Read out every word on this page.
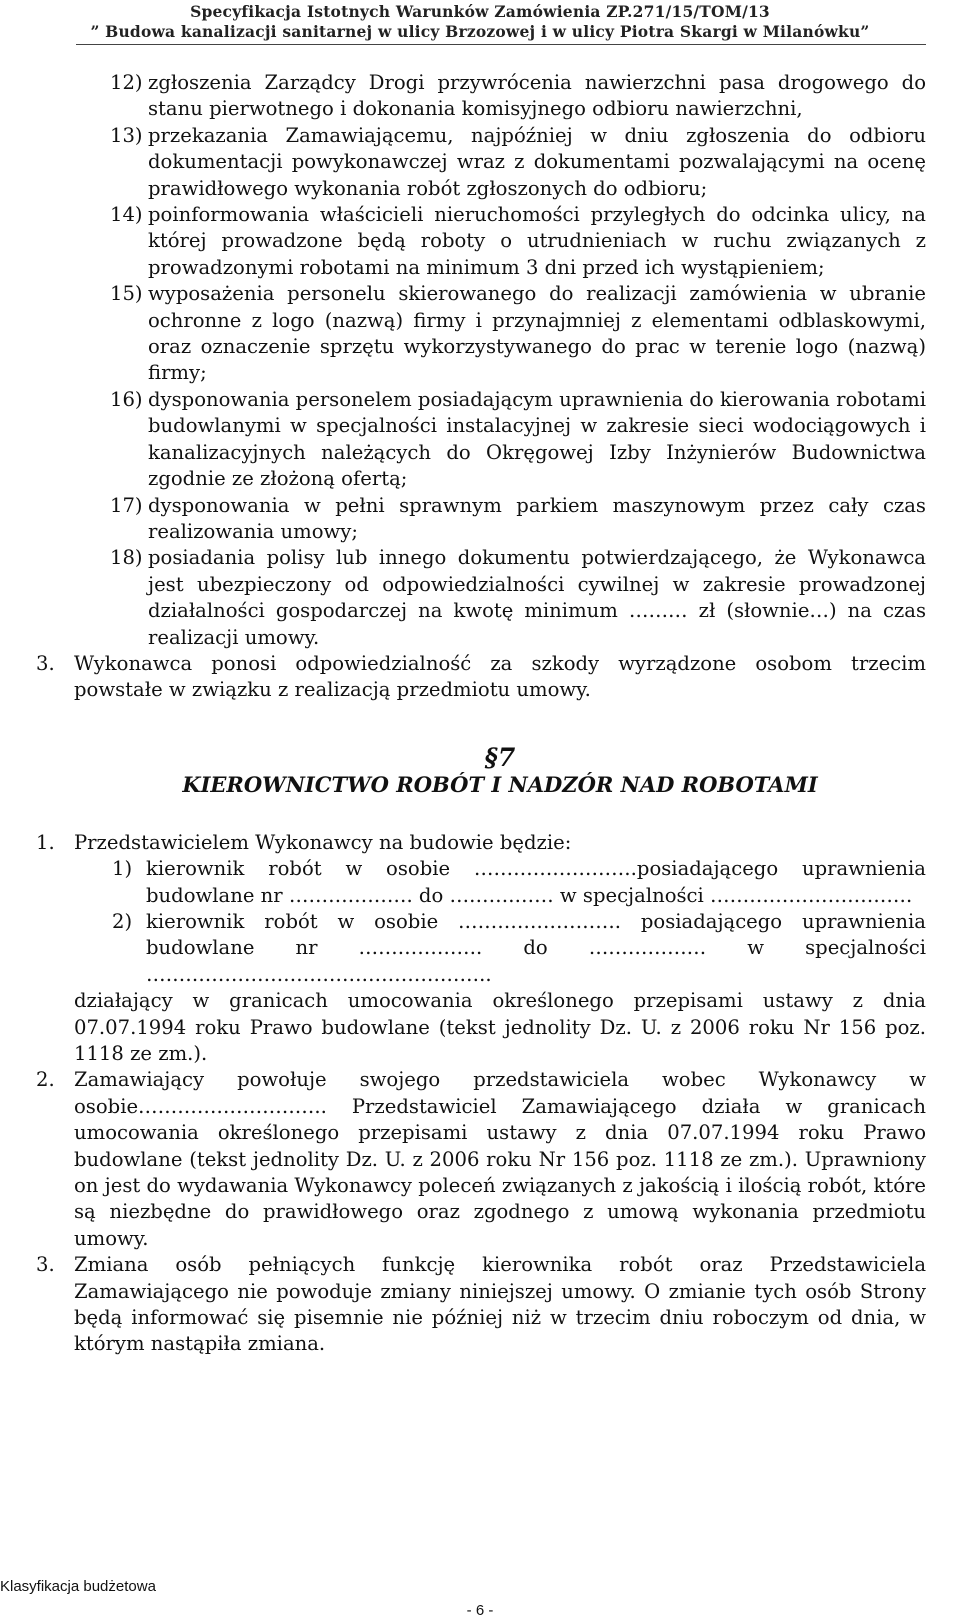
Specyfikacja Istotnych Warunków Zamówienia ZP.271/15/TOM/13
” Budowa kanalizacji sanitarnej w ulicy Brzozowej i w ulicy Piotra Skargi w Milanówku”
12) zgłoszenia Zarządcy Drogi przywrócenia nawierzchni pasa drogowego do stanu pierwotnego i dokonania komisyjnego odbioru nawierzchni,
13) przekazania Zamawiającemu, najpóźniej w dniu zgłoszenia do odbioru dokumentacji powykonawczej wraz z dokumentami pozwalającymi na ocenę prawidłowego wykonania robót zgłoszonych do odbioru;
14) poinformowania właścicieli nieruchomości przyległych do odcinka ulicy, na której prowadzone będą roboty o utrudnieniach w ruchu związanych z prowadzonymi robotami na minimum 3 dni przed ich wystąpieniem;
15) wyposażenia personelu skierowanego do realizacji zamówienia w ubranie ochronne z logo (nazwą) firmy i przynajmniej z elementami odblaskowymi, oraz oznaczenie sprzętu wykorzystywanego do prac w terenie logo (nazwą) firmy;
16) dysponowania personelem posiadającym uprawnienia do kierowania robotami budowlanymi w specjalności instalacyjnej w zakresie sieci wodociągowych i kanalizacyjnych należących do Okręgowej Izby Inżynierów Budownictwa zgodnie ze złożoną ofertą;
17) dysponowania w pełni sprawnym parkiem maszynowym przez cały czas realizowania umowy;
18) posiadania polisy lub innego dokumentu potwierdzającego, że Wykonawca jest ubezpieczony od odpowiedzialności cywilnej w zakresie prowadzonej działalności gospodarczej na kwotę minimum ……… zł (słownie…) na czas realizacji umowy.
3. Wykonawca ponosi odpowiedzialność za szkody wyrządzone osobom trzecim powstałe w związku z realizacją przedmiotu umowy.
§7
KIEROWNICTWO ROBÓT I NADZÓR NAD ROBOTAMI
1. Przedstawicielem Wykonawcy na budowie będzie:
1) kierownik robót w osobie …………………….posiadającego uprawnienia budowlane nr ………………. do ……….…… w specjalności ………………………….
2) kierownik robót w osobie ……………………. posiadającego uprawnienia budowlane nr ………………. do ……………… w specjalności ……………………………………………..
działający w granicach umocowania określonego przepisami ustawy z dnia 07.07.1994 roku Prawo budowlane (tekst jednolity Dz. U. z 2006 roku Nr 156 poz. 1118 ze zm.).
2. Zamawiający powołuje swojego przedstawiciela wobec Wykonawcy w osobie……………………….. Przedstawiciel Zamawiającego działa w granicach umocowania określonego przepisami ustawy z dnia 07.07.1994 roku Prawo budowlane (tekst jednolity Dz. U. z 2006 roku Nr 156 poz. 1118 ze zm.). Uprawniony on jest do wydawania Wykonawcy poleceń związanych z jakością i ilością robót, które są niezbędne do prawidłowego oraz zgodnego z umową wykonania przedmiotu umowy.
3. Zmiana osób pełniących funkcję kierownika robót oraz Przedstawiciela Zamawiającego nie powoduje zmiany niniejszej umowy. O zmianie tych osób Strony będą informować się pisemnie nie później niż w trzecim dniu roboczym od dnia, w którym nastąpiła zmiana.
Klasyfikacja budżetowa
- 6 -
